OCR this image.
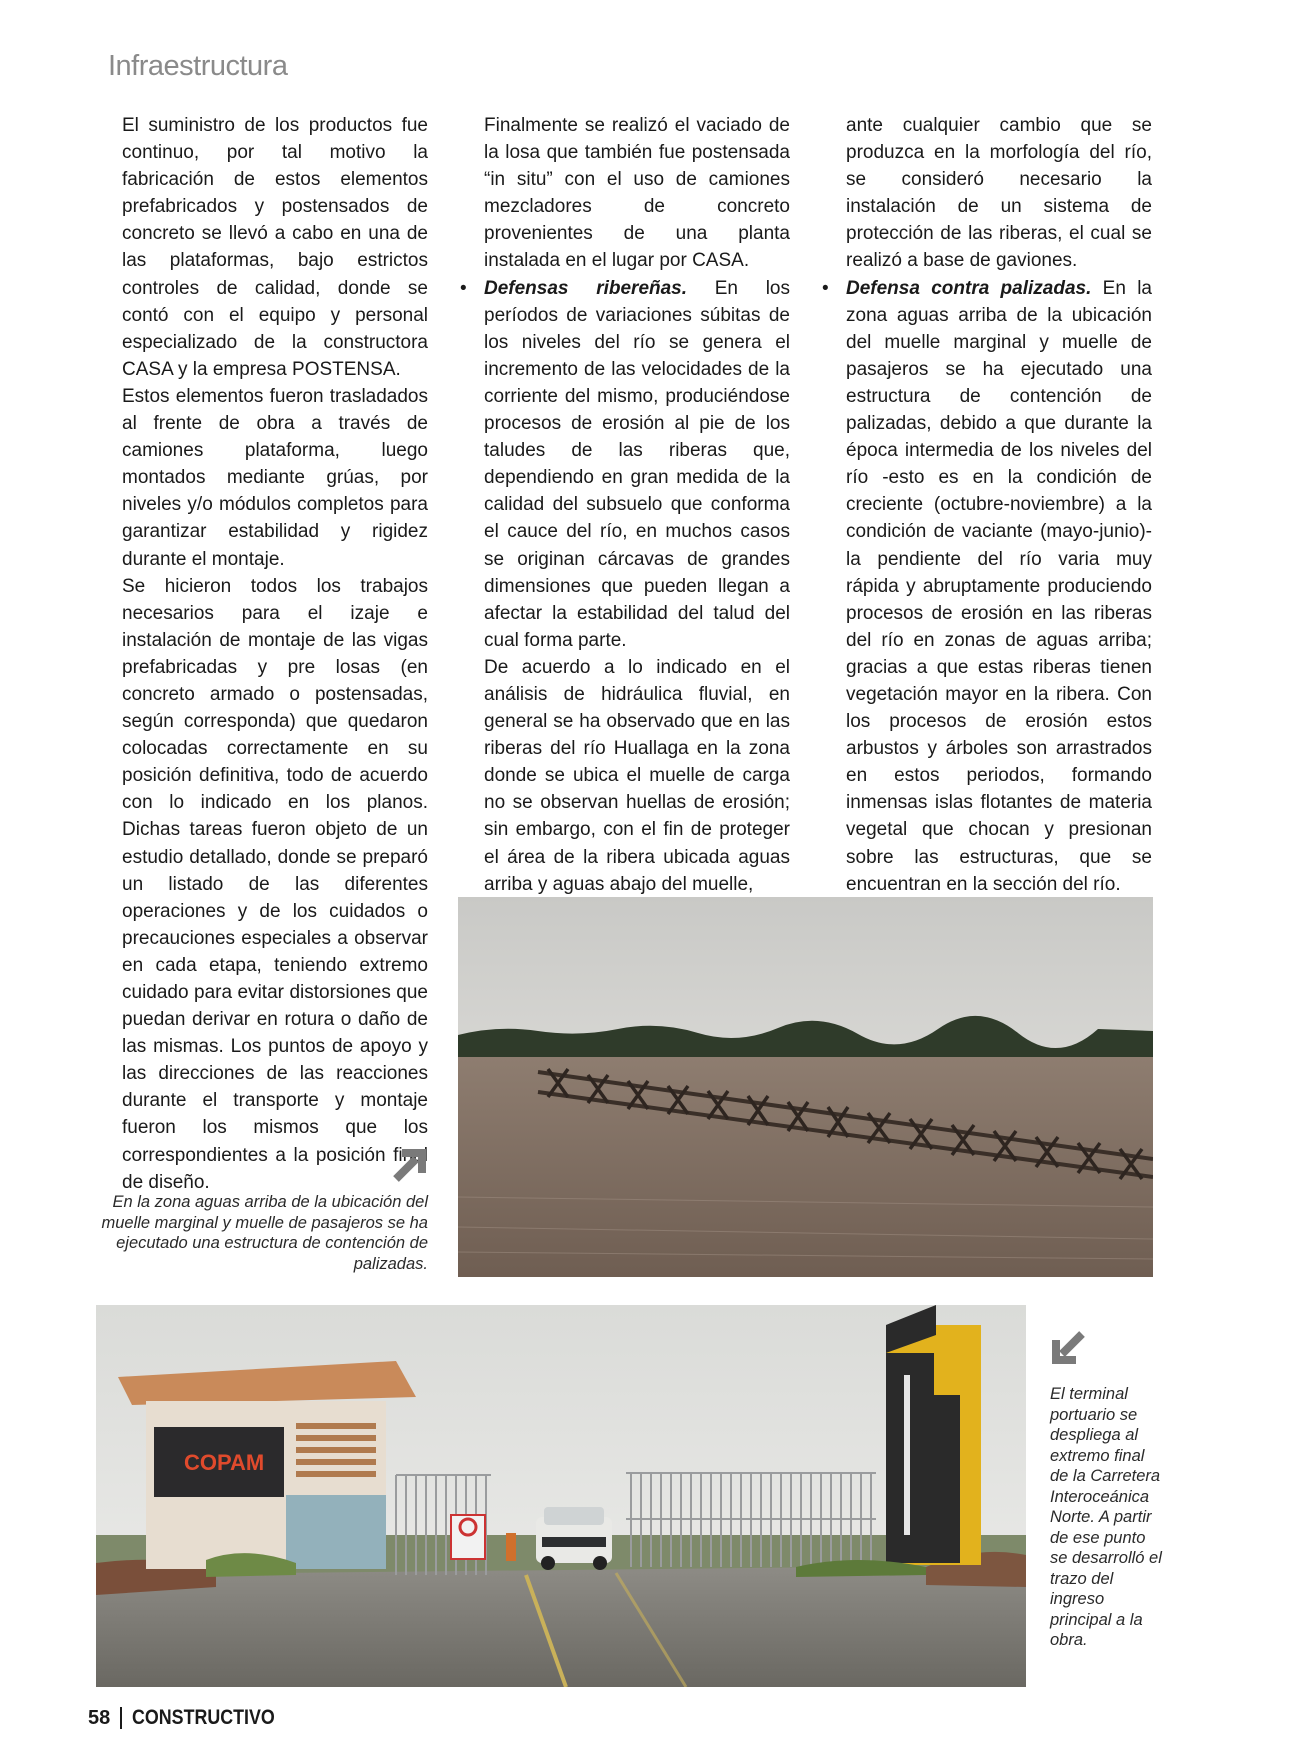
Infraestructura

El suministro de los productos fue continuo, por tal motivo la fabricación de estos elementos prefabricados y postensados de concreto se llevó a cabo en una de las plataformas, bajo estrictos controles de calidad, donde se contó con el equipo y personal especializado de la constructora CASA y la empresa POSTENSA.

Estos elementos fueron trasladados al frente de obra a través de camiones plataforma, luego montados mediante grúas, por niveles y/o módulos completos para garantizar estabilidad y rigidez durante el montaje.

Se hicieron todos los trabajos necesarios para el izaje e instalación de montaje de las vigas prefabricadas y pre losas (en concreto armado o postensadas, según corresponda) que quedaron colocadas correctamente en su posición definitiva, todo de acuerdo con lo indicado en los planos. Dichas tareas fueron objeto de un estudio detallado, donde se preparó un listado de las diferentes operaciones y de los cuidados o precauciones especiales a observar en cada etapa, teniendo extremo cuidado para evitar distorsiones que puedan derivar en rotura o daño de las mismas. Los puntos de apoyo y las direcciones de las reacciones durante el transporte y montaje fueron los mismos que los correspondientes a la posición final de diseño.

Finalmente se realizó el vaciado de la losa que también fue postensada “in situ” con el uso de camiones mezcladores de concreto provenientes de una planta instalada en el lugar por CASA.

• Defensas ribereñas. En los períodos de variaciones súbitas de los niveles del río se genera el incremento de las velocidades de la corriente del mismo, produciéndose procesos de erosión al pie de los taludes de las riberas que, dependiendo en gran medida de la calidad del subsuelo que conforma el cauce del río, en muchos casos se originan cárcavas de grandes dimensiones que pueden llegan a afectar la estabilidad del talud del cual forma parte.

De acuerdo a lo indicado en el análisis de hidráulica fluvial, en general se ha observado que en las riberas del río Huallaga en la zona donde se ubica el muelle de carga no se observan huellas de erosión; sin embargo, con el fin de proteger el área de la ribera ubicada aguas arriba y aguas abajo del muelle,

ante cualquier cambio que se produzca en la morfología del río, se consideró necesario la instalación de un sistema de protección de las riberas, el cual se realizó a base de gaviones.

• Defensa contra palizadas. En la zona aguas arriba de la ubicación del muelle marginal y muelle de pasajeros se ha ejecutado una estructura de contención de palizadas, debido a que durante la época intermedia de los niveles del río -esto es en la condición de creciente (octubre-noviembre) a la condición de vaciante (mayo-junio)- la pendiente del río varia muy rápida y abruptamente produciendo procesos de erosión en las riberas del río en zonas de aguas arriba; gracias a que estas riberas tienen vegetación mayor en la ribera. Con los procesos de erosión estos arbustos y árboles son arrastrados en estos periodos, formando inmensas islas flotantes de materia vegetal que chocan y presionan sobre las estructuras, que se encuentran en la sección del río.

En la zona aguas arriba de la ubicación del muelle marginal y muelle de pasajeros se ha ejecutado una estructura de contención de palizadas.
COPAM
El terminal portuario se despliega al extremo final de la Carretera Interoceánica Norte. A partir de ese punto se desarrolló el trazo del ingreso principal a la obra.
58 CONSTRUCTIVO
